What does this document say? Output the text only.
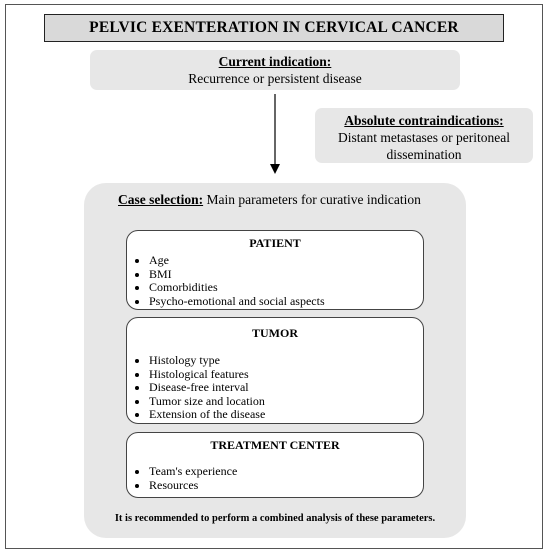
PELVIC EXENTERATION IN CERVICAL CANCER
Current indication:
Recurrence or persistent disease
Absolute contraindications:
Distant metastases or peritoneal
dissemination
Case selection: Main parameters for curative indication
PATIENT
• Age
• BMI
• Comorbidities
• Psycho-emotional and social aspects
TUMOR
• Histology type
• Histological features
• Disease-free interval
• Tumor size and location
• Extension of the disease
TREATMENT CENTER
• Team's experience
• Resources
It is recommended to perform a combined analysis of these parameters.
